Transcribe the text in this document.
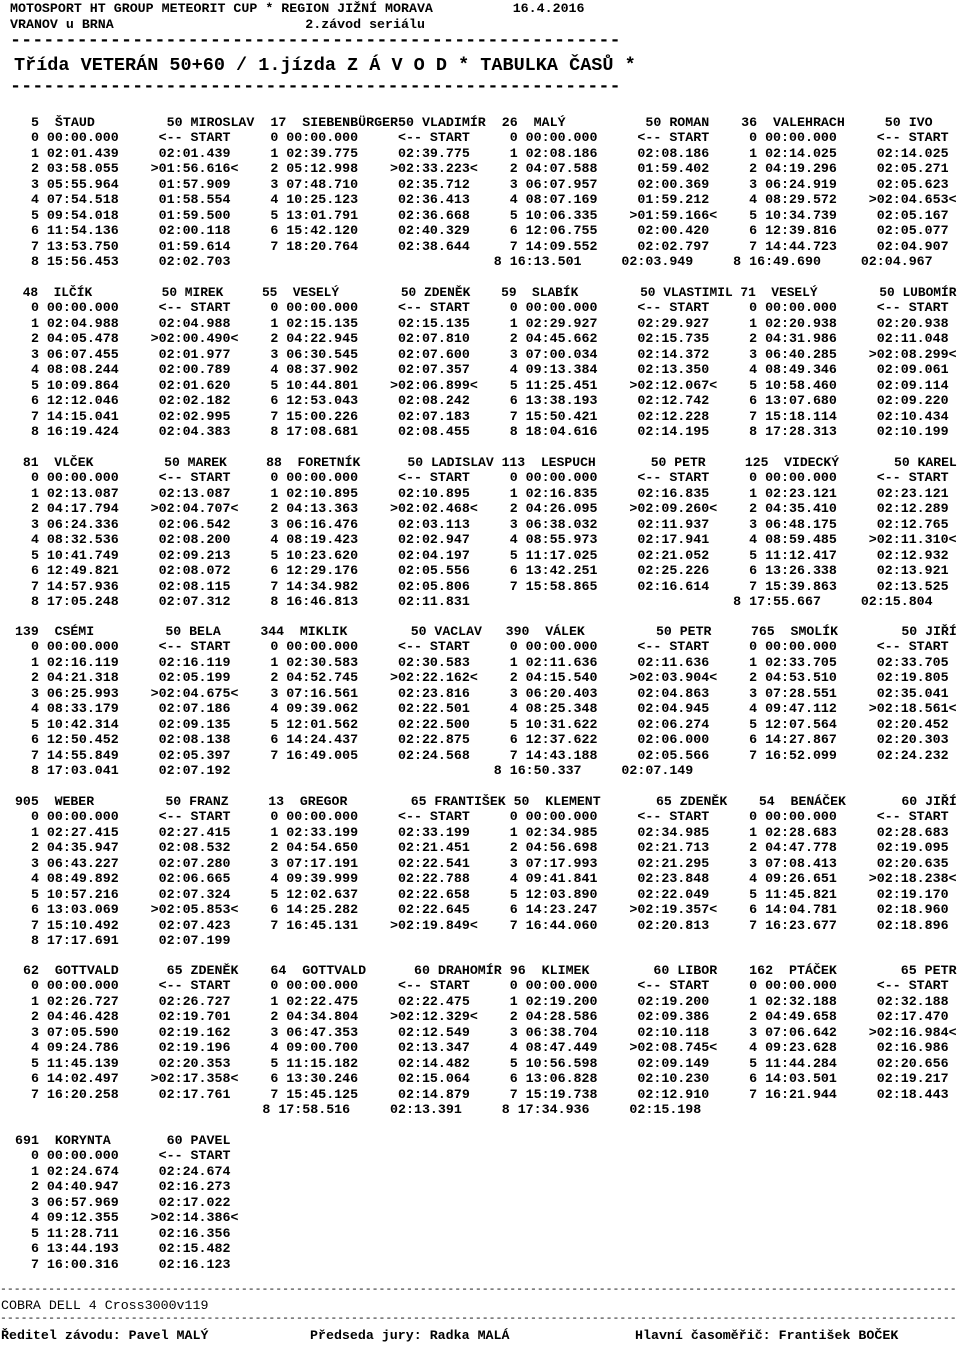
MOTOSPORT HT GROUP METEORIT CUP * REGION JIŽNÍ MORAVA          16.4.2016
VRANOV u BRNA                        2.závod seriálu
-------------------------------------------------------
Třída VETERÁN 50+60 / 1.jízda Z Á V O D * TABULKA ČASŮ *
-------------------------------------------------------
5  ŠTAUD         50 MIROSLAV  17  SIEBENBÜRGER50 VLADIMÍR  26  MALÝ          50 ROMAN    36  VALEHRACH     50 IVO
0 00:00.000     <-- START     0 00:00.000     <-- START     0 00:00.000     <-- START     0 00:00.000     <-- START
1 02:01.439     02:01.439     1 02:39.775     02:39.775     1 02:08.186     02:08.186     1 02:14.025     02:14.025
2 03:58.055    >01:56.616<    2 05:12.998    >02:33.223<    2 04:07.588     01:59.402     2 04:19.296     02:05.271
3 05:55.964     01:57.909     3 07:48.710     02:35.712     3 06:07.957     02:00.369     3 06:24.919     02:05.623
4 07:54.518     01:58.554     4 10:25.123     02:36.413     4 08:07.169     01:59.212     4 08:29.572    >02:04.653<
5 09:54.018     01:59.500     5 13:01.791     02:36.668     5 10:06.335    >01:59.166<    5 10:34.739     02:05.167
6 11:54.136     02:00.118     6 15:42.120     02:40.329     6 12:06.755     02:00.420     6 12:39.816     02:05.077
7 13:53.750     01:59.614     7 18:20.764     02:38.644     7 14:09.552     02:02.797     7 14:44.723     02:04.907
8 15:56.453     02:02.703                                 8 16:13.501     02:03.949     8 16:49.690     02:04.967
48  ILČÍK         50 MIREK     55  VESELÝ        50 ZDENĚK    59  SLABÍK        50 VLASTIMIL 71  VESELÝ        50 LUBOMÍR
0 00:00.000     <-- START     0 00:00.000     <-- START     0 00:00.000     <-- START     0 00:00.000     <-- START
1 02:04.988     02:04.988     1 02:15.135     02:15.135     1 02:29.927     02:29.927     1 02:20.938     02:20.938
2 04:05.478    >02:00.490<    2 04:22.945     02:07.810     2 04:45.662     02:15.735     2 04:31.986     02:11.048
3 06:07.455     02:01.977     3 06:30.545     02:07.600     3 07:00.034     02:14.372     3 06:40.285    >02:08.299<
4 08:08.244     02:00.789     4 08:37.902     02:07.357     4 09:13.384     02:13.350     4 08:49.346     02:09.061
5 10:09.864     02:01.620     5 10:44.801    >02:06.899<    5 11:25.451    >02:12.067<    5 10:58.460     02:09.114
6 12:12.046     02:02.182     6 12:53.043     02:08.242     6 13:38.193     02:12.742     6 13:07.680     02:09.220
7 14:15.041     02:02.995     7 15:00.226     02:07.183     7 15:50.421     02:12.228     7 15:18.114     02:10.434
8 16:19.424     02:04.383     8 17:08.681     02:08.455     8 18:04.616     02:14.195     8 17:28.313     02:10.199
81  VLČEK         50 MAREK     88  FORETNÍK      50 LADISLAV 113  LESPUCH       50 PETR     125  VIDECKÝ       50 KAREL
0 00:00.000     <-- START     0 00:00.000     <-- START     0 00:00.000     <-- START     0 00:00.000     <-- START
1 02:13.087     02:13.087     1 02:10.895     02:10.895     1 02:16.835     02:16.835     1 02:23.121     02:23.121
2 04:17.794    >02:04.707<    2 04:13.363    >02:02.468<    2 04:26.095    >02:09.260<    2 04:35.410     02:12.289
3 06:24.336     02:06.542     3 06:16.476     02:03.113     3 06:38.032     02:11.937     3 06:48.175     02:12.765
4 08:32.536     02:08.200     4 08:19.423     02:02.947     4 08:55.973     02:17.941     4 08:59.485    >02:11.310<
5 10:41.749     02:09.213     5 10:23.620     02:04.197     5 11:17.025     02:21.052     5 11:12.417     02:12.932
6 12:49.821     02:08.072     6 12:29.176     02:05.556     6 13:42.251     02:25.226     6 13:26.338     02:13.921
7 14:57.936     02:08.115     7 14:34.982     02:05.806     7 15:58.865     02:16.614     7 15:39.863     02:13.525
8 17:05.248     02:07.312     8 16:46.813     02:11.831                                 8 17:55.667     02:15.804
139  CSÉMI         50 BELA     344  MIKLIK        50 VACLAV   390  VÁLEK         50 PETR     765  SMOLÍK        50 JIŘÍ
0 00:00.000     <-- START     0 00:00.000     <-- START     0 00:00.000     <-- START     0 00:00.000     <-- START
1 02:16.119     02:16.119     1 02:30.583     02:30.583     1 02:11.636     02:11.636     1 02:33.705     02:33.705
2 04:21.318     02:05.199     2 04:52.745    >02:22.162<    2 04:15.540    >02:03.904<    2 04:53.510     02:19.805
3 06:25.993    >02:04.675<    3 07:16.561     02:23.816     3 06:20.403     02:04.863     3 07:28.551     02:35.041
4 08:33.179     02:07.186     4 09:39.062     02:22.501     4 08:25.348     02:04.945     4 09:47.112    >02:18.561<
5 10:42.314     02:09.135     5 12:01.562     02:22.500     5 10:31.622     02:06.274     5 12:07.564     02:20.452
6 12:50.452     02:08.138     6 14:24.437     02:22.875     6 12:37.622     02:06.000     6 14:27.867     02:20.303
7 14:55.849     02:05.397     7 16:49.005     02:24.568     7 14:43.188     02:05.566     7 16:52.099     02:24.232
8 17:03.041     02:07.192                                 8 16:50.337     02:07.149
905  WEBER         50 FRANZ     13  GREGOR        65 FRANTIŠEK 50  KLEMENT       65 ZDENĚK    54  BENÁČEK       60 JIŘÍ
0 00:00.000     <-- START     0 00:00.000     <-- START     0 00:00.000     <-- START     0 00:00.000     <-- START
1 02:27.415     02:27.415     1 02:33.199     02:33.199     1 02:34.985     02:34.985     1 02:28.683     02:28.683
2 04:35.947     02:08.532     2 04:54.650     02:21.451     2 04:56.698     02:21.713     2 04:47.778     02:19.095
3 06:43.227     02:07.280     3 07:17.191     02:22.541     3 07:17.993     02:21.295     3 07:08.413     02:20.635
4 08:49.892     02:06.665     4 09:39.999     02:22.788     4 09:41.841     02:23.848     4 09:26.651    >02:18.238<
5 10:57.216     02:07.324     5 12:02.637     02:22.658     5 12:03.890     02:22.049     5 11:45.821     02:19.170
6 13:03.069    >02:05.853<    6 14:25.282     02:22.645     6 14:23.247    >02:19.357<    6 14:04.781     02:18.960
7 15:10.492     02:07.423     7 16:45.131    >02:19.849<    7 16:44.060     02:20.813     7 16:23.677     02:18.896
8 17:17.691     02:07.199
62  GOTTVALD      65 ZDENĚK    64  GOTTVALD      60 DRAHOMÍR 96  KLIMEK        60 LIBOR    162  PTÁČEK        65 PETR
0 00:00.000     <-- START     0 00:00.000     <-- START     0 00:00.000     <-- START     0 00:00.000     <-- START
1 02:26.727     02:26.727     1 02:22.475     02:22.475     1 02:19.200     02:19.200     1 02:32.188     02:32.188
2 04:46.428     02:19.701     2 04:34.804    >02:12.329<    2 04:28.586     02:09.386     2 04:49.658     02:17.470
3 07:05.590     02:19.162     3 06:47.353     02:12.549     3 06:38.704     02:10.118     3 07:06.642    >02:16.984<
4 09:24.786     02:19.196     4 09:00.700     02:13.347     4 08:47.449    >02:08.745<    4 09:23.628     02:16.986
5 11:45.139     02:20.353     5 11:15.182     02:14.482     5 10:56.598     02:09.149     5 11:44.284     02:20.656
6 14:02.497    >02:17.358<    6 13:30.246     02:15.064     6 13:06.828     02:10.230     6 14:03.501     02:19.217
7 16:20.258     02:17.761     7 15:45.125     02:14.879     7 15:19.738     02:12.910     7 16:21.944     02:18.443
8 17:58.516     02:13.391     8 17:34.936     02:15.198
691  KORYNTA       60 PAVEL
0 00:00.000     <-- START
1 02:24.674     02:24.674
2 04:40.947     02:16.273
3 06:57.969     02:17.022
4 09:12.355    >02:14.386<
5 11:28.711     02:16.356
6 13:44.193     02:15.482
7 16:00.316     02:16.123
-------------------------------------------------------------------------------------------------------------------------------------------
COBRA DELL 4 Cross3000v119
-------------------------------------------------------------------------------------------------------------------------------------------
Ředitel závodu: Pavel MALÝ	Předseda jury: Radka MALÁ	Hlavní časoměřič: František BOČEK
